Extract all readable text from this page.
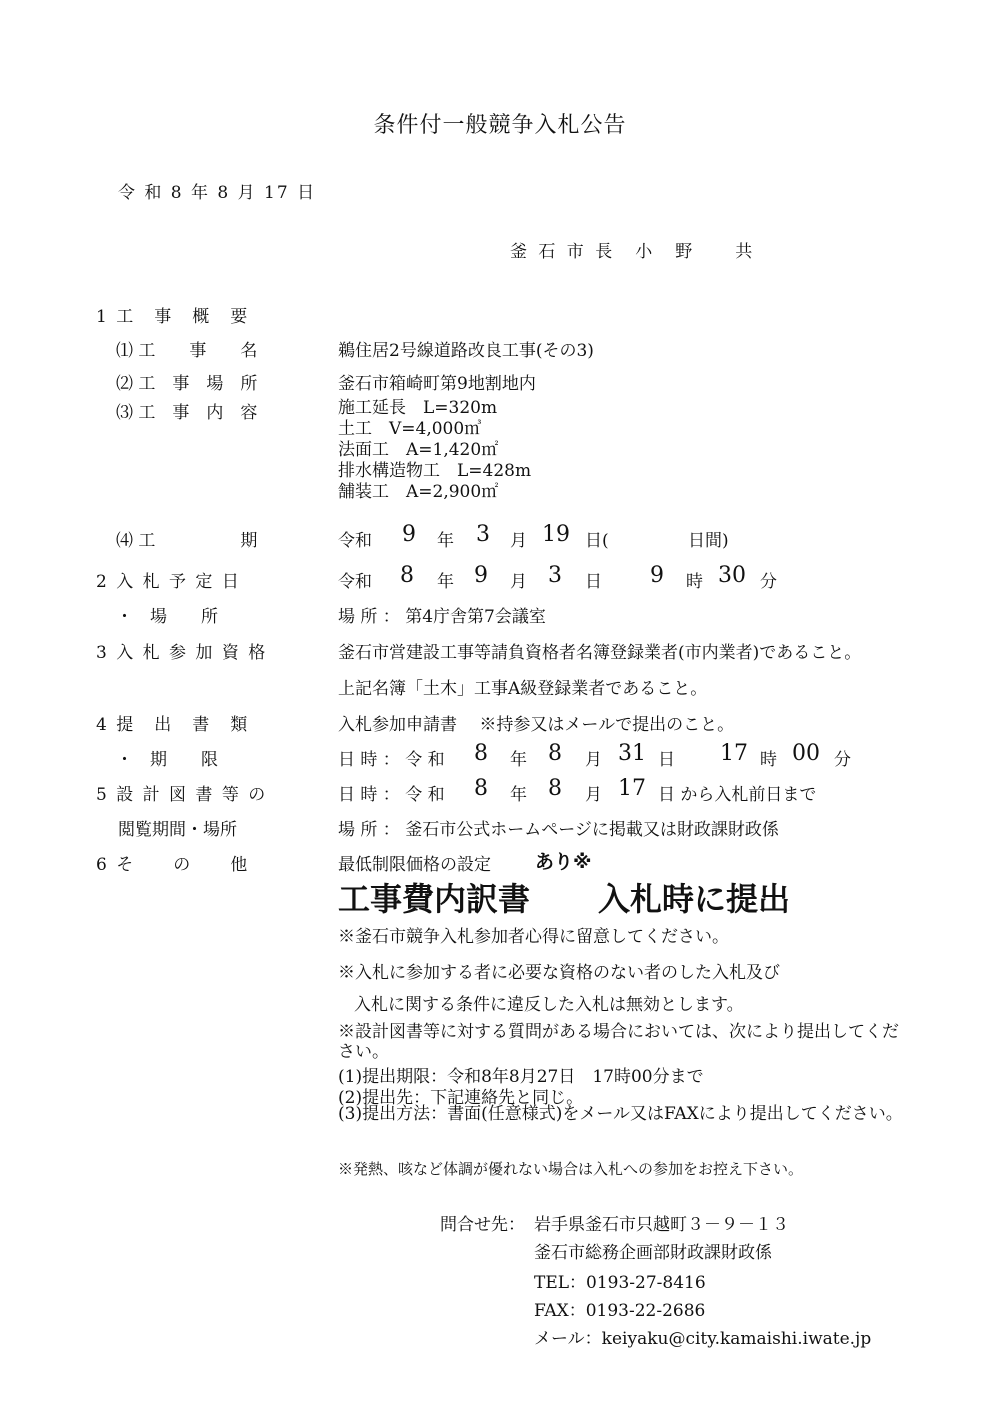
条件付一般競争入札公告
令 和 8 年 8 月 17 日
釜 石 市 長　小　野　　共
1 工　事　概　要
⑴ 工　　事　　名	鵜住居2号線道路改良工事(その3)
⑵ 工　事　場　所	釜石市箱崎町第9地割地内
⑶ 工　事　内　容	施工延長　L=320m
土工　V=4,000㎥
法面工　A=1,420㎡
排水構造物工　L=428m
舗装工　A=2,900㎡
⑷ 工　　　　　期	令和 9 年 3 月 19 日(	日間)
2 入 札 予 定 日	令和 8 年 9 月 3 日 9 時 30 分
・　場　　所	場 所 ： 第4庁舎第7会議室
3 入 札 参 加 資 格	釜石市営建設工事等請負資格者名簿登録業者(市内業者)であること。
上記名簿「土木」工事A級登録業者であること。
4 提　出　書　類	入札参加申請書　 ※持参又はメールで提出のこと。
・　期　　限	日 時 ： 令 和 8 年 8 月 31 日 17 時 00 分
5 設 計 図 書 等 の	日 時 ： 令 和 8 年 8 月 17 日 から入札前日まで
閲覧期間・場所	場 所 ： 釜石市公式ホームページに掲載又は財政課財政係
6 そ　　の　　他	最低制限価格の設定 あり※
工事費内訳書 入札時に提出
※釜石市競争入札参加者心得に留意してください。
※入札に参加する者に必要な資格のない者のした入札及び
入札に関する条件に違反した入札は無効とします。
※設計図書等に対する質問がある場合においては、次により提出してください。
(1)提出期限：令和8年8月27日　17時00分まで
(2)提出先：下記連絡先と同じ。
(3)提出方法：書面(任意様式)をメール又はFAXにより提出してください。
※発熱、咳など体調が優れない場合は入札への参加をお控え下さい。
問合せ先： 岩手県釜石市只越町３－９－１３
釜石市総務企画部財政課財政係
TEL：0193-27-8416
FAX：0193-22-2686
メール：keiyaku@city.kamaishi.iwate.jp
